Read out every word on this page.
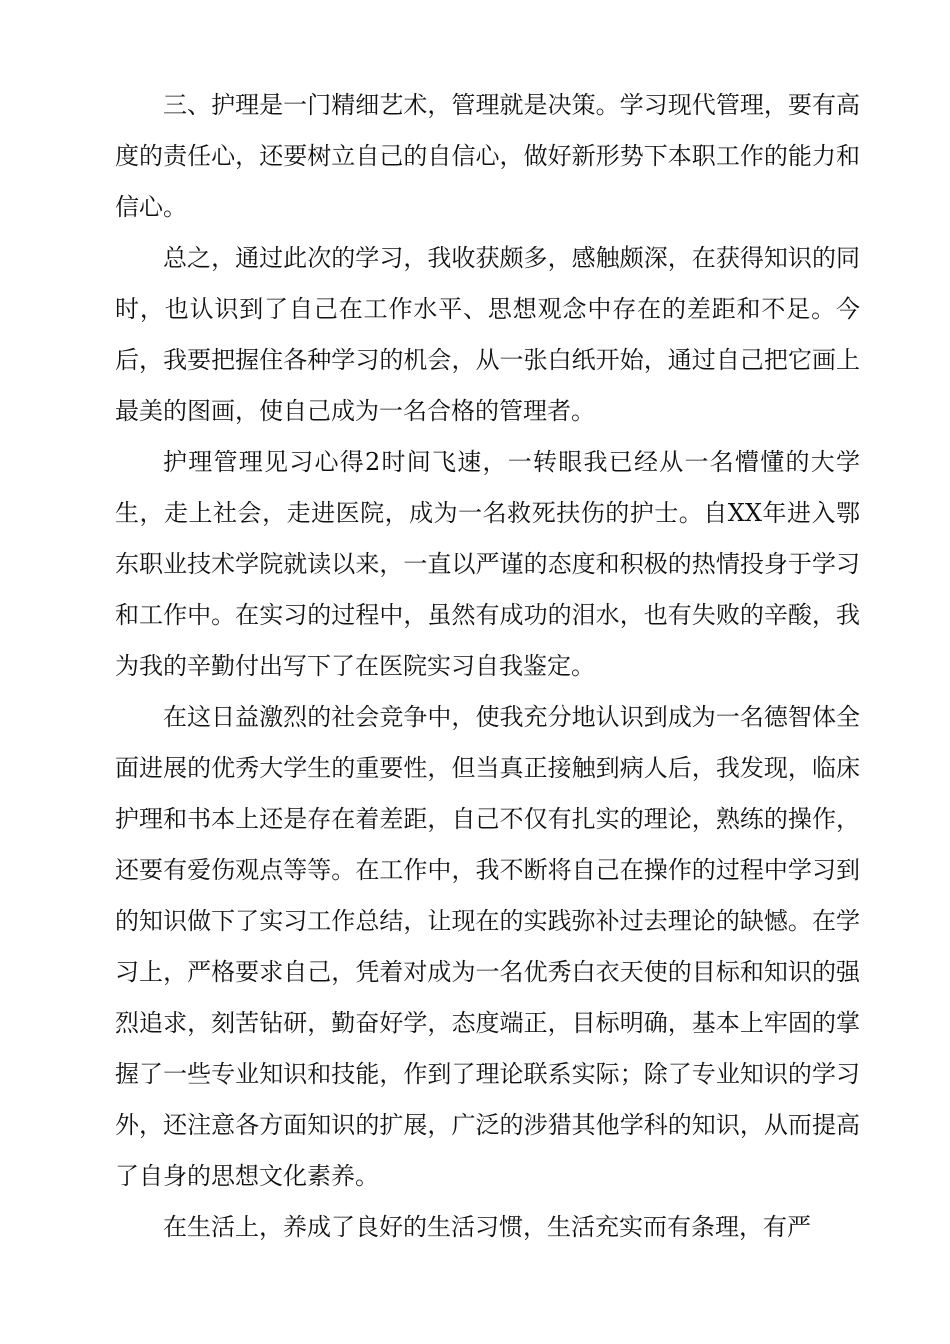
三、护理是一门精细艺术，管理就是决策。学习现代管理，要有高度的责任心，还要树立自己的自信心，做好新形势下本职工作的能力和信心。

总之，通过此次的学习，我收获颇多，感触颇深，在获得知识的同时，也认识到了自己在工作水平、思想观念中存在的差距和不足。今后，我要把握住各种学习的机会，从一张白纸开始，通过自己把它画上最美的图画，使自己成为一名合格的管理者。

护理管理见习心得2时间飞速，一转眼我已经从一名懵懂的大学生，走上社会，走进医院，成为一名救死扶伤的护士。自XX年进入鄂东职业技术学院就读以来，一直以严谨的态度和积极的热情投身于学习和工作中。在实习的过程中，虽然有成功的泪水，也有失败的辛酸，我为我的辛勤付出写下了在医院实习自我鉴定。

在这日益激烈的社会竞争中，使我充分地认识到成为一名德智体全面进展的优秀大学生的重要性，但当真正接触到病人后，我发现，临床护理和书本上还是存在着差距，自己不仅有扎实的理论，熟练的操作，还要有爱伤观点等等。在工作中，我不断将自己在操作的过程中学习到的知识做下了实习工作总结，让现在的实践弥补过去理论的缺憾。在学习上，严格要求自己，凭着对成为一名优秀白衣天使的目标和知识的强烈追求，刻苦钻研，勤奋好学，态度端正，目标明确，基本上牢固的掌握了一些专业知识和技能，作到了理论联系实际；除了专业知识的学习外，还注意各方面知识的扩展，广泛的涉猎其他学科的知识，从而提高了自身的思想文化素养。

在生活上，养成了良好的生活习惯，生活充实而有条理，有严
